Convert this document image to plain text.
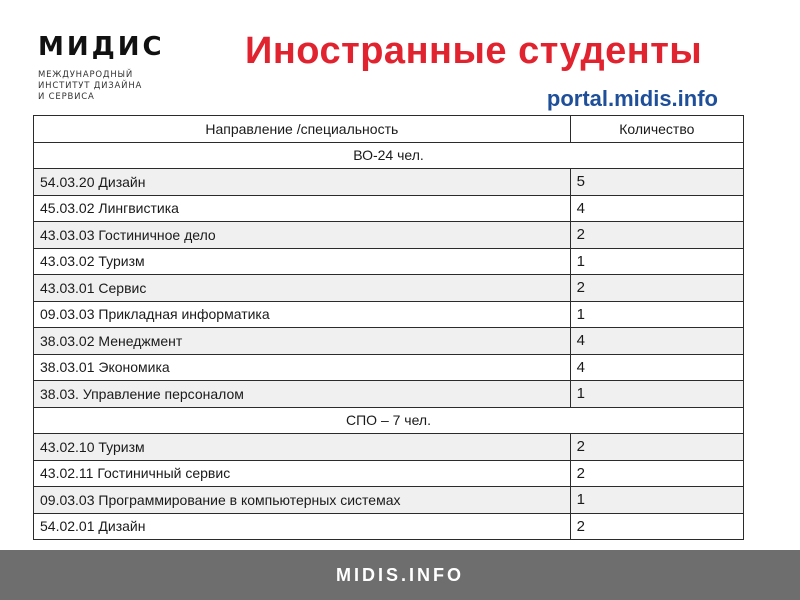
МИДИС
МЕЖДУНАРОДНЫЙ
ИНСТИТУТ ДИЗАЙНА
И СЕРВИСА
Иностранные студенты
portal.midis.info
Направление /специальность	Количество
ВО-24 чел.	
54.03.20 Дизайн	5
45.03.02 Лингвистика	4
43.03.03 Гостиничное дело	2
43.03.02 Туризм	1
43.03.01 Сервис	2
09.03.03 Прикладная информатика	1
38.03.02 Менеджмент	4
38.03.01 Экономика	4
38.03. Управление персоналом	1
СПО – 7 чел.	
43.02.10 Туризм	2
43.02.11 Гостиничный сервис	2
09.03.03 Программирование в компьютерных системах	1
54.02.01 Дизайн	2
MIDIS.INFO
